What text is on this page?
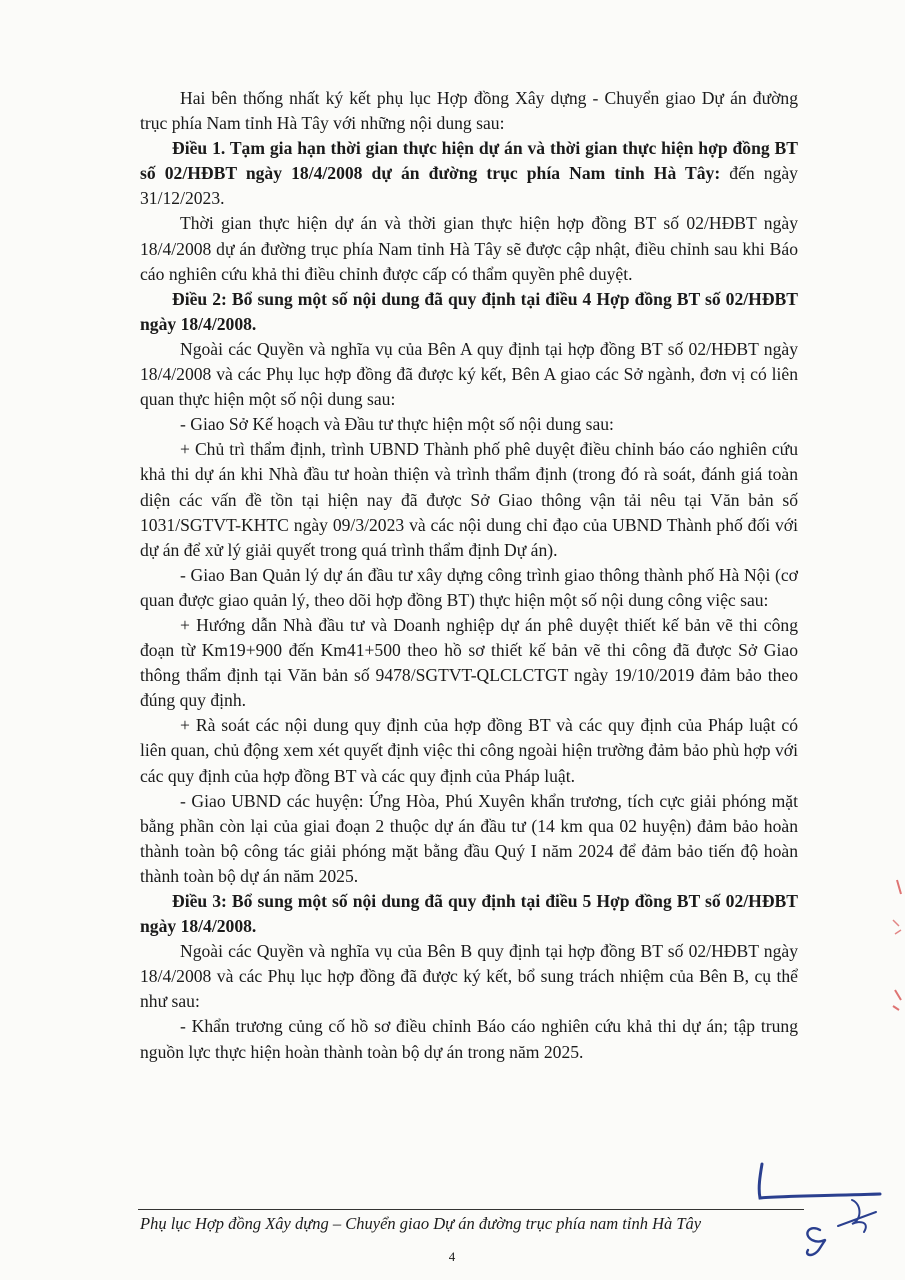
Hai bên thống nhất ký kết phụ lục Hợp đồng Xây dựng - Chuyển giao Dự án đường trục phía Nam tỉnh Hà Tây với những nội dung sau:

Điều 1. Tạm gia hạn thời gian thực hiện dự án và thời gian thực hiện hợp đồng BT số 02/HĐBT ngày 18/4/2008 dự án đường trục phía Nam tỉnh Hà Tây: đến ngày 31/12/2023.

Thời gian thực hiện dự án và thời gian thực hiện hợp đồng BT số 02/HĐBT ngày 18/4/2008 dự án đường trục phía Nam tỉnh Hà Tây sẽ được cập nhật, điều chỉnh sau khi Báo cáo nghiên cứu khả thi điều chỉnh được cấp có thẩm quyền phê duyệt.

Điều 2: Bổ sung một số nội dung đã quy định tại điều 4 Hợp đồng BT số 02/HĐBT ngày 18/4/2008.

Ngoài các Quyền và nghĩa vụ của Bên A quy định tại hợp đồng BT số 02/HĐBT ngày 18/4/2008 và các Phụ lục hợp đồng đã được ký kết, Bên A giao các Sở ngành, đơn vị có liên quan thực hiện một số nội dung sau:

- Giao Sở Kế hoạch và Đầu tư thực hiện một số nội dung sau:

+ Chủ trì thẩm định, trình UBND Thành phố phê duyệt điều chỉnh báo cáo nghiên cứu khả thi dự án khi Nhà đầu tư hoàn thiện và trình thẩm định (trong đó rà soát, đánh giá toàn diện các vấn đề tồn tại hiện nay đã được Sở Giao thông vận tải nêu tại Văn bản số 1031/SGTVT-KHTC ngày 09/3/2023 và các nội dung chỉ đạo của UBND Thành phố đối với dự án để xử lý giải quyết trong quá trình thẩm định Dự án).

- Giao Ban Quản lý dự án đầu tư xây dựng công trình giao thông thành phố Hà Nội (cơ quan được giao quản lý, theo dõi hợp đồng BT) thực hiện một số nội dung công việc sau:

+ Hướng dẫn Nhà đầu tư và Doanh nghiệp dự án phê duyệt thiết kế bản vẽ thi công đoạn từ Km19+900 đến Km41+500 theo hồ sơ thiết kế bản vẽ thi công đã được Sở Giao thông thẩm định tại Văn bản số 9478/SGTVT-QLCLCTGT ngày 19/10/2019 đảm bảo theo đúng quy định.

+ Rà soát các nội dung quy định của hợp đồng BT và các quy định của Pháp luật có liên quan, chủ động xem xét quyết định việc thi công ngoài hiện trường đảm bảo phù hợp với các quy định của hợp đồng BT và các quy định của Pháp luật.

- Giao UBND các huyện: Ứng Hòa, Phú Xuyên khẩn trương, tích cực giải phóng mặt bằng phần còn lại của giai đoạn 2 thuộc dự án đầu tư (14 km qua 02 huyện) đảm bảo hoàn thành toàn bộ công tác giải phóng mặt bằng đầu Quý I năm 2024 để đảm bảo tiến độ hoàn thành toàn bộ dự án năm 2025.

Điều 3: Bổ sung một số nội dung đã quy định tại điều 5 Hợp đồng BT số 02/HĐBT ngày 18/4/2008.

Ngoài các Quyền và nghĩa vụ của Bên B quy định tại hợp đồng BT số 02/HĐBT ngày 18/4/2008 và các Phụ lục hợp đồng đã được ký kết, bổ sung trách nhiệm của Bên B, cụ thể như sau:

- Khẩn trương củng cố hồ sơ điều chỉnh Báo cáo nghiên cứu khả thi dự án; tập trung nguồn lực thực hiện hoàn thành toàn bộ dự án trong năm 2025.

Phụ lục Hợp đồng Xây dựng – Chuyển giao Dự án đường trục phía nam tỉnh Hà Tây
4
